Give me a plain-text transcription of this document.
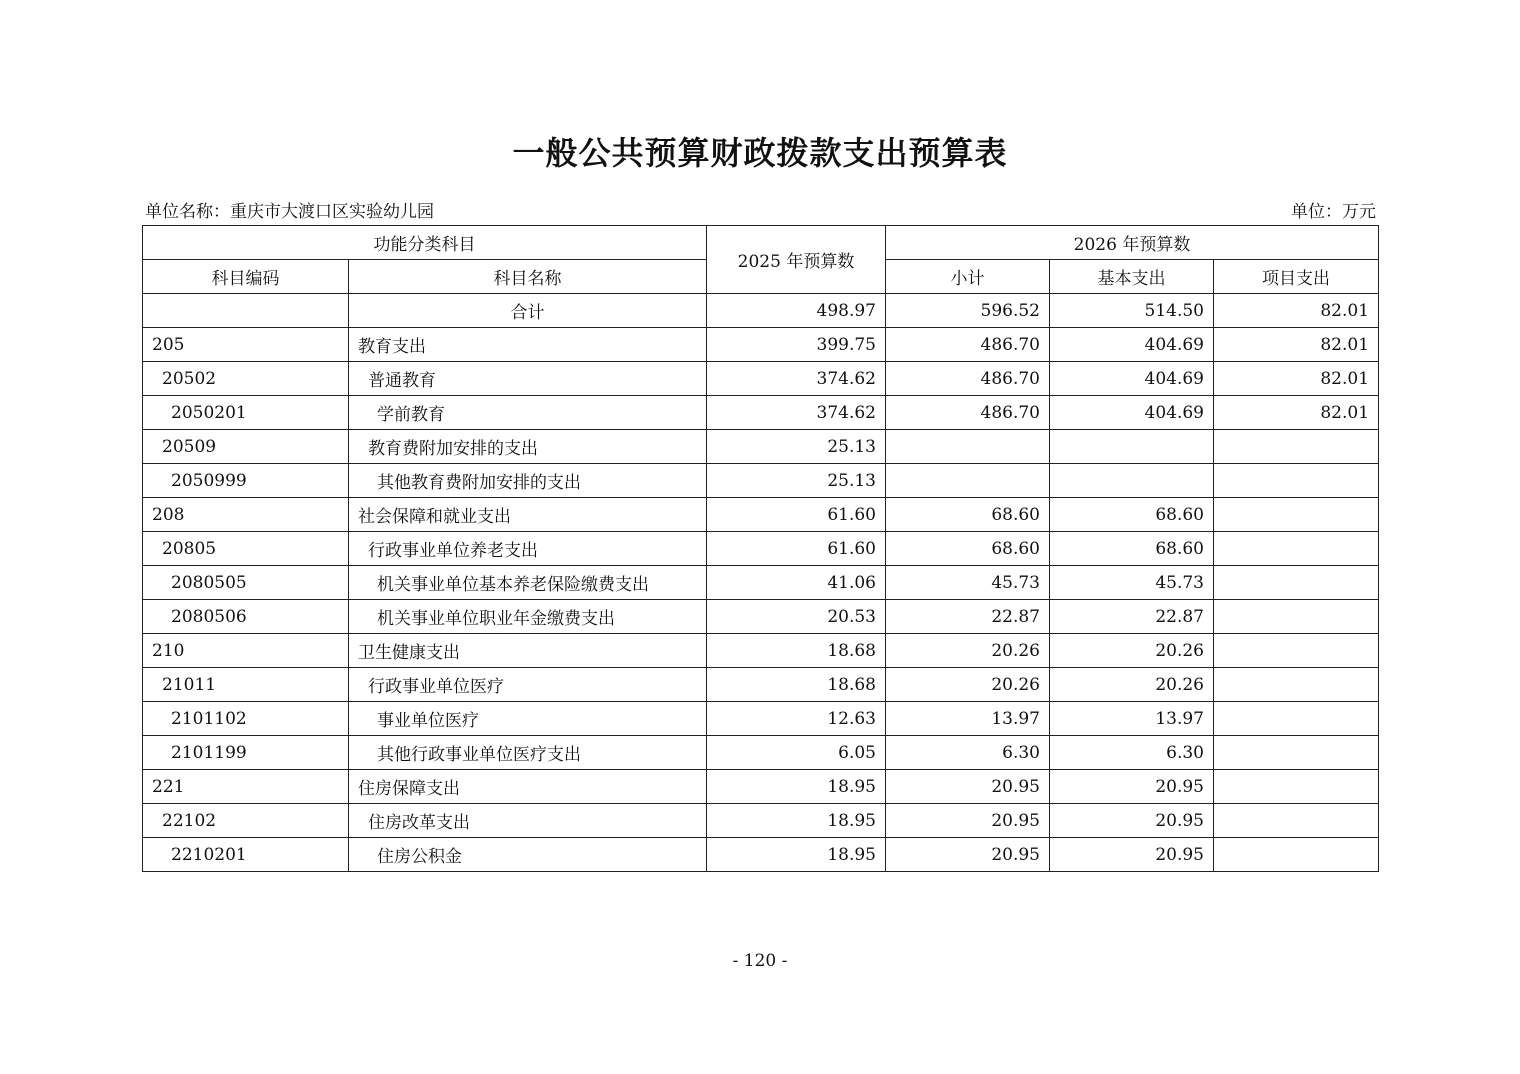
一般公共预算财政拨款支出预算表
单位名称：重庆市大渡口区实验幼儿园	单位：万元
功能分类科目		2025 年预算数	2026 年预算数		
科目编码	科目名称		小计	基本支出	项目支出
	合计	498.97	596.52	514.50	82.01
205	教育支出	399.75	486.70	404.69	82.01
20502	普通教育	374.62	486.70	404.69	82.01
2050201	学前教育	374.62	486.70	404.69	82.01
20509	教育费附加安排的支出	25.13			
2050999	其他教育费附加安排的支出	25.13			
208	社会保障和就业支出	61.60	68.60	68.60	
20805	行政事业单位养老支出	61.60	68.60	68.60	
2080505	机关事业单位基本养老保险缴费支出	41.06	45.73	45.73	
2080506	机关事业单位职业年金缴费支出	20.53	22.87	22.87	
210	卫生健康支出	18.68	20.26	20.26	
21011	行政事业单位医疗	18.68	20.26	20.26	
2101102	事业单位医疗	12.63	13.97	13.97	
2101199	其他行政事业单位医疗支出	6.05	6.30	6.30	
221	住房保障支出	18.95	20.95	20.95	
22102	住房改革支出	18.95	20.95	20.95	
2210201	住房公积金	18.95	20.95	20.95	
- 120 -
